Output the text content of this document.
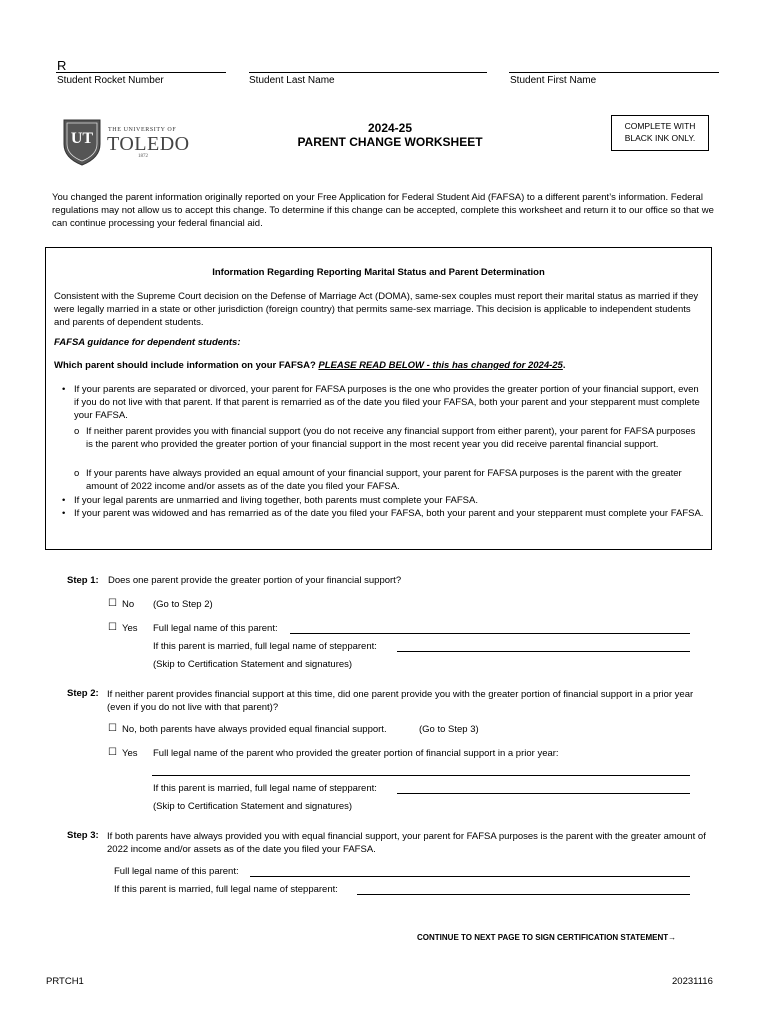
R
Student Rocket Number	Student Last Name	Student First Name
UT	THE UNIVERSITY OF
TOLEDO
1872
2024-25
PARENT CHANGE WORKSHEET
COMPLETE WITH BLACK INK ONLY.
You changed the parent information originally reported on your Free Application for Federal Student Aid (FAFSA) to a different parent’s information. Federal regulations may not allow us to accept this change. To determine if this change can be accepted, complete this worksheet and return it to our office so that we can continue processing your federal financial aid.
Information Regarding Reporting Marital Status and Parent Determination
Consistent with the Supreme Court decision on the Defense of Marriage Act (DOMA), same-sex couples must report their marital status as married if they were legally married in a state or other jurisdiction (foreign country) that permits same-sex marriage. This decision is applicable to independent students and parents of dependent students.
FAFSA guidance for dependent students:
Which parent should include information on your FAFSA? PLEASE READ BELOW - this has changed for 2024-25.
• If your parents are separated or divorced, your parent for FAFSA purposes is the one who provides the greater portion of your financial support, even if you do not live with that parent. If that parent is remarried as of the date you filed your FAFSA, both your parent and your stepparent must complete your FAFSA.
o If neither parent provides you with financial support (you do not receive any financial support from either parent), your parent for FAFSA purposes is the parent who provided the greater portion of your financial support in the most recent year you did receive parental financial support.
o If your parents have always provided an equal amount of your financial support, your parent for FAFSA purposes is the parent with the greater amount of 2022 income and/or assets as of the date you filed your FAFSA.
• If your legal parents are unmarried and living together, both parents must complete your FAFSA.
• If your parent was widowed and has remarried as of the date you filed your FAFSA, both your parent and your stepparent must complete your FAFSA.
Step 1: Does one parent provide the greater portion of your financial support?
☐ No (Go to Step 2)
☐ Yes Full legal name of this parent:
If this parent is married, full legal name of stepparent:
(Skip to Certification Statement and signatures)
Step 2: If neither parent provides financial support at this time, did one parent provide you with the greater portion of financial support in a prior year (even if you do not live with that parent)?
☐ No, both parents have always provided equal financial support.	(Go to Step 3)
☐ Yes Full legal name of the parent who provided the greater portion of financial support in a prior year:
If this parent is married, full legal name of stepparent:
(Skip to Certification Statement and signatures)
Step 3: If both parents have always provided you with equal financial support, your parent for FAFSA purposes is the parent with the greater amount of 2022 income and/or assets as of the date you filed your FAFSA.
Full legal name of this parent:
If this parent is married, full legal name of stepparent:
CONTINUE TO NEXT PAGE TO SIGN CERTIFICATION STATEMENT→
PRTCH1	20231116
